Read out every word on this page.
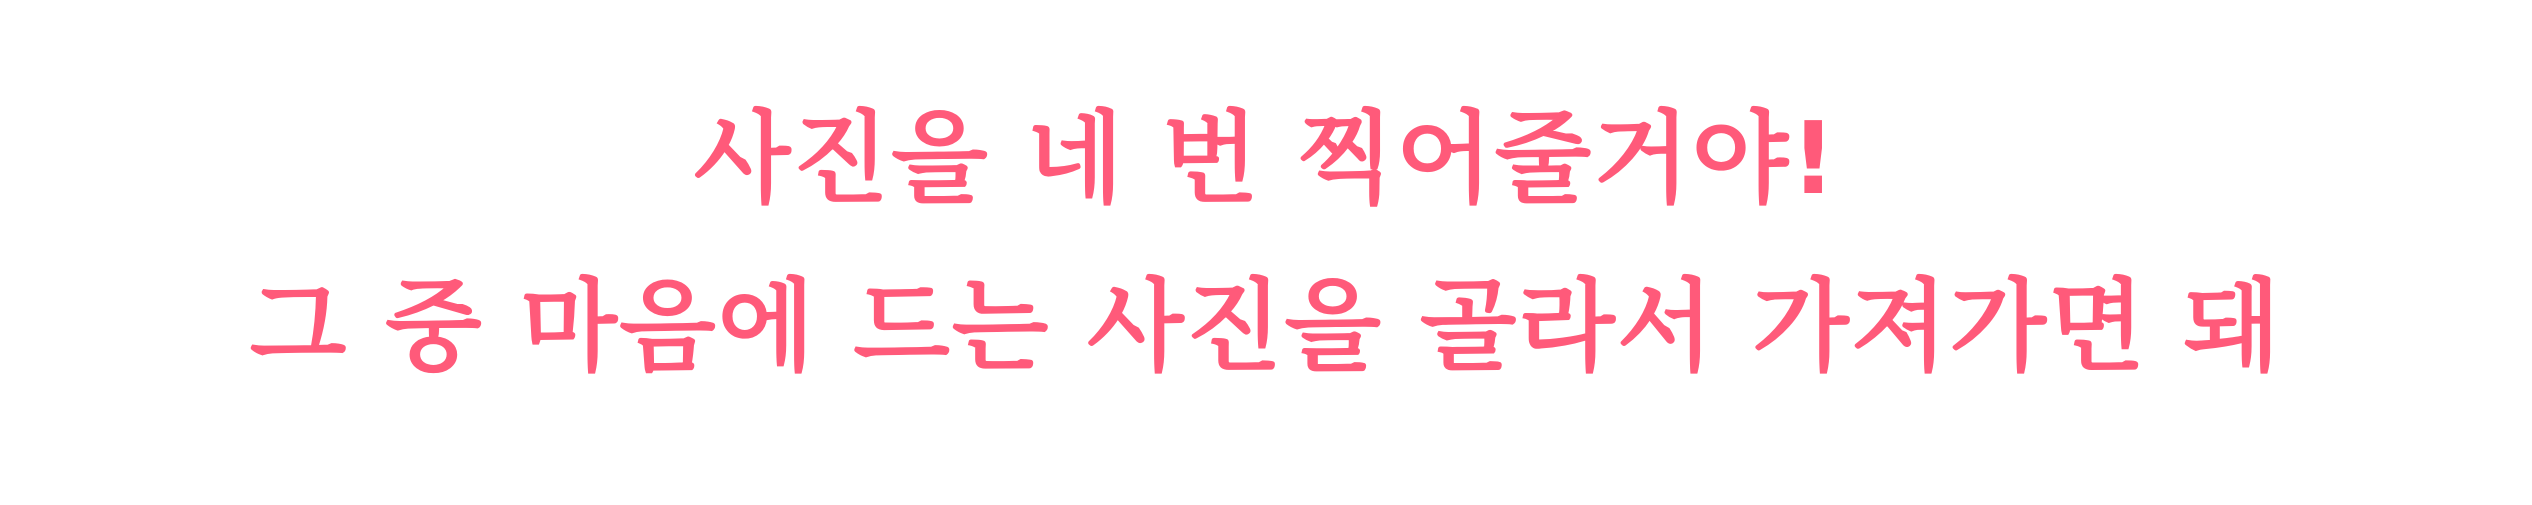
사진을 네 번 찍어줄거야!
그 중 마음에 드는 사진을 골라서 가져가면 돼
